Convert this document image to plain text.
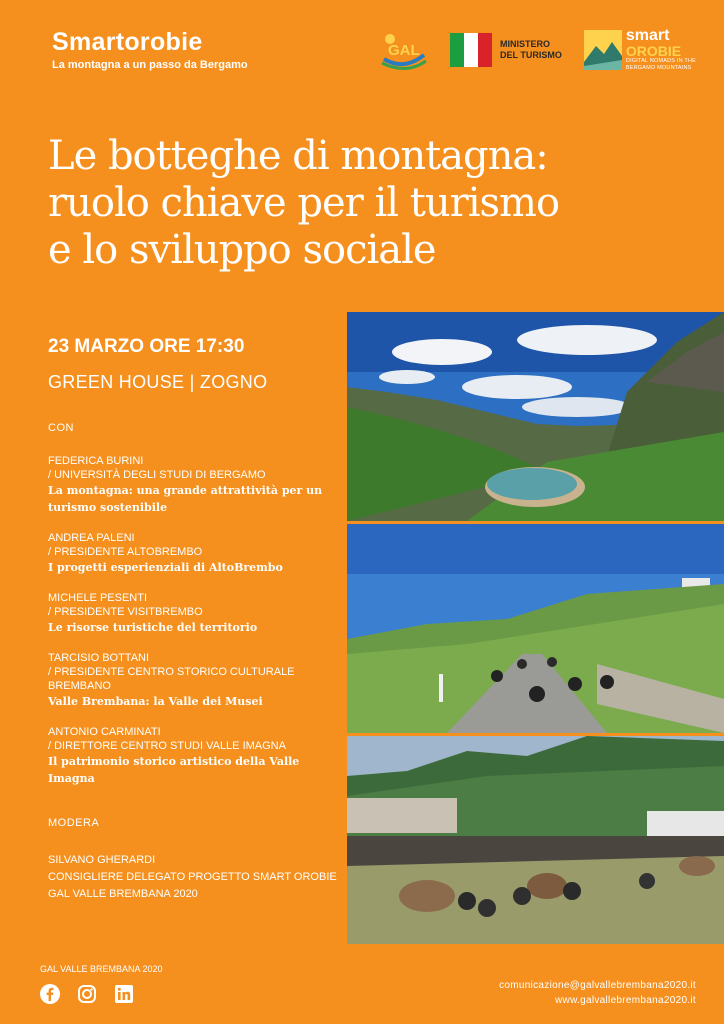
Smartorobie
La montagna a un passo da Bergamo
GAL	MINISTERO
DEL TURISMO
smart
OROBIE
DIGITAL NOMADS IN THE
BERGAMO MOUNTAINS
Le botteghe di montagna:
ruolo chiave per il turismo
e lo sviluppo sociale
23 MARZO ORE 17:30
GREEN HOUSE | ZOGNO
CON
FEDERICA BURINI
/ UNIVERSITÀ DEGLI STUDI DI BERGAMO
La montagna: una grande attrattività per un turismo sostenibile
ANDREA PALENI
/ PRESIDENTE ALTOBREMBO
I progetti esperienziali di AltoBrembo
MICHELE PESENTI
/ PRESIDENTE VISITBREMBO
Le risorse turistiche del territorio
TARCISIO BOTTANI
/ PRESIDENTE CENTRO STORICO CULTURALE BREMBANO
Valle Brembana: la Valle dei Musei
ANTONIO CARMINATI
/ DIRETTORE CENTRO STUDI VALLE IMAGNA
Il patrimonio storico artistico della Valle Imagna
MODERA
SILVANO GHERARDI
CONSIGLIERE DELEGATO PROGETTO SMART OROBIE GAL VALLE BREMBANA 2020
GAL VALLE BREMBANA 2020
comunicazione@galvallebrembana2020.it
www.galvallebrembana2020.it
